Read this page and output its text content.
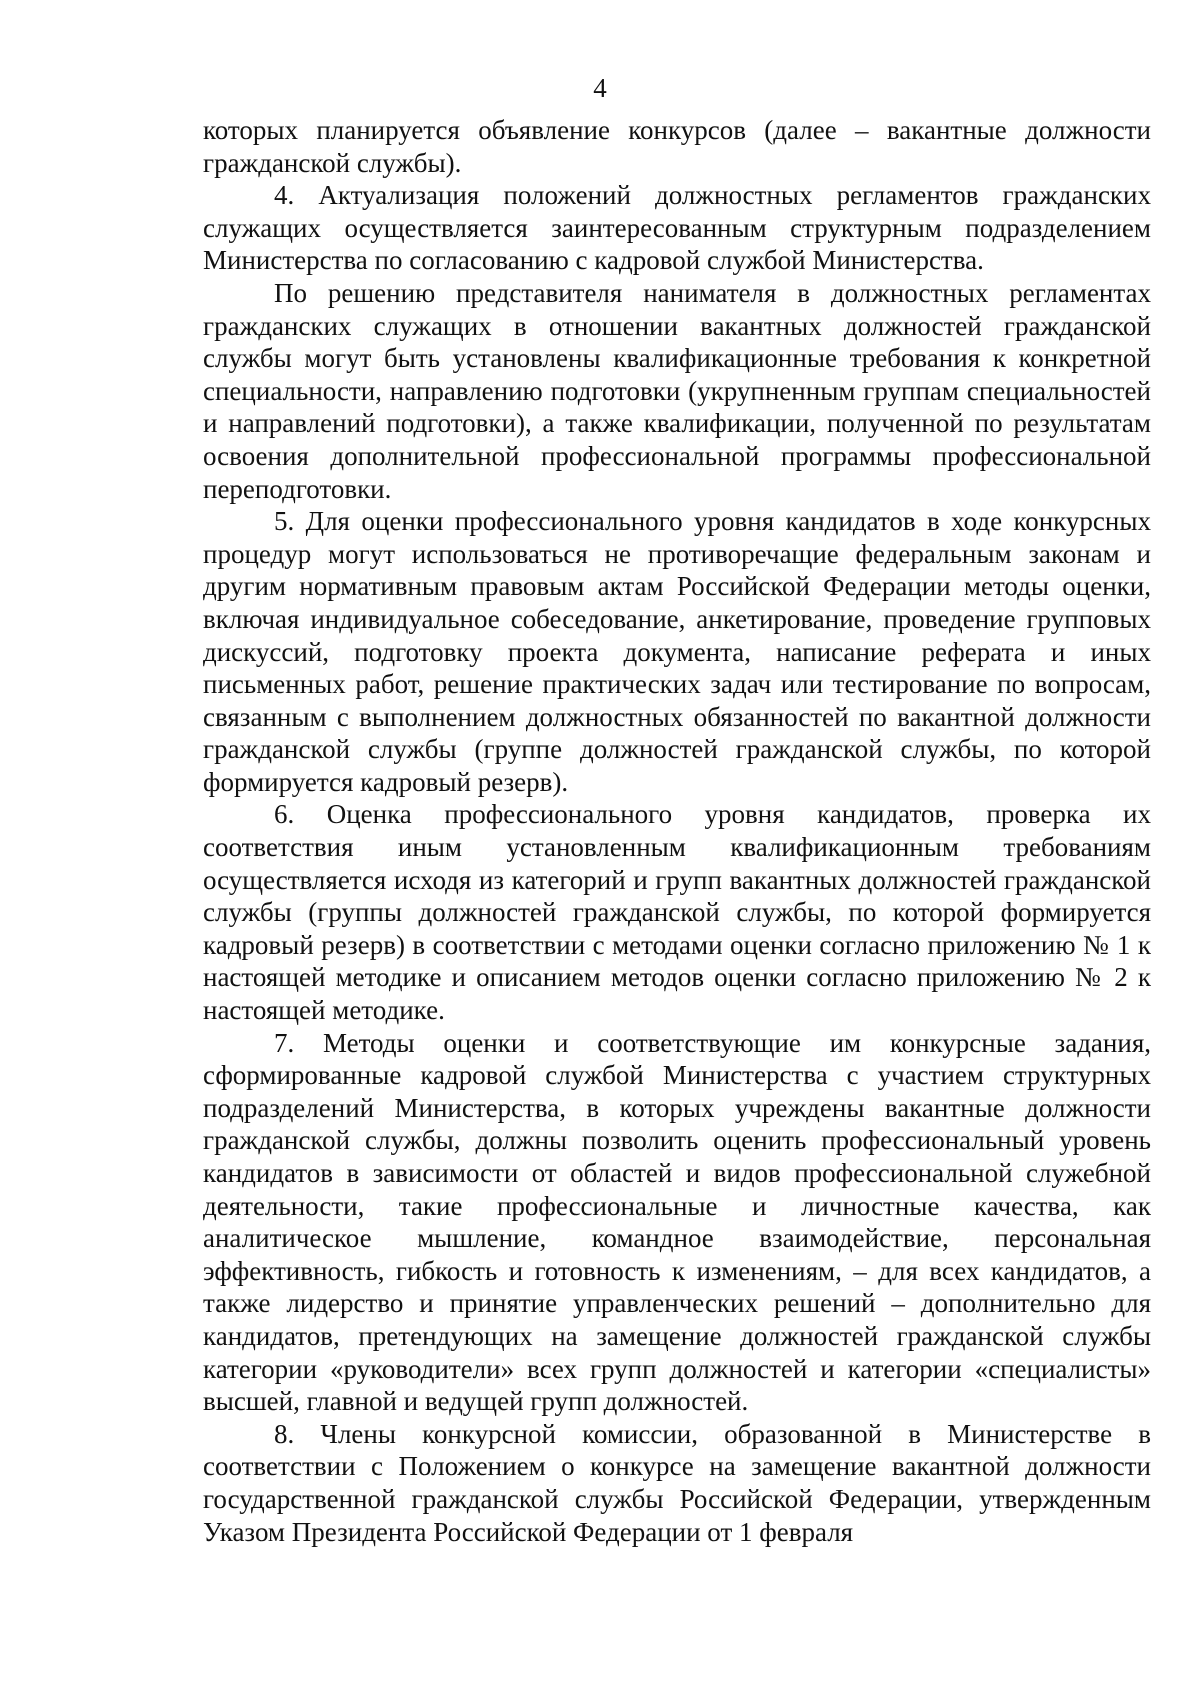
4

которых планируется объявление конкурсов (далее – вакантные должности гражданской службы).

4. Актуализация положений должностных регламентов гражданских служащих осуществляется заинтересованным структурным подразделением Министерства по согласованию с кадровой службой Министерства.

По решению представителя нанимателя в должностных регламентах гражданских служащих в отношении вакантных должностей гражданской службы могут быть установлены квалификационные требования к конкретной специальности, направлению подготовки (укрупненным группам специальностей и направлений подготовки), а также квалификации, полученной по результатам освоения дополнительной профессиональной программы профессиональной переподготовки.

5. Для оценки профессионального уровня кандидатов в ходе конкурсных процедур могут использоваться не противоречащие федеральным законам и другим нормативным правовым актам Российской Федерации методы оценки, включая индивидуальное собеседование, анкетирование, проведение групповых дискуссий, подготовку проекта документа, написание реферата и иных письменных работ, решение практических задач или тестирование по вопросам, связанным с выполнением должностных обязанностей по вакантной должности гражданской службы (группе должностей гражданской службы, по которой формируется кадровый резерв).

6. Оценка профессионального уровня кандидатов, проверка их соответствия иным установленным квалификационным требованиям осуществляется исходя из категорий и групп вакантных должностей гражданской службы (группы должностей гражданской службы, по которой формируется кадровый резерв) в соответствии с методами оценки согласно приложению № 1 к настоящей методике и описанием методов оценки согласно приложению № 2 к настоящей методике.

7. Методы оценки и соответствующие им конкурсные задания, сформированные кадровой службой Министерства с участием структурных подразделений Министерства, в которых учреждены вакантные должности гражданской службы, должны позволить оценить профессиональный уровень кандидатов в зависимости от областей и видов профессиональной служебной деятельности, такие профессиональные и личностные качества, как аналитическое мышление, командное взаимодействие, персональная эффективность, гибкость и готовность к изменениям, – для всех кандидатов, а также лидерство и принятие управленческих решений – дополнительно для кандидатов, претендующих на замещение должностей гражданской службы категории «руководители» всех групп должностей и категории «специалисты» высшей, главной и ведущей групп должностей.

8. Члены конкурсной комиссии, образованной в Министерстве в соответствии с Положением о конкурсе на замещение вакантной должности государственной гражданской службы Российской Федерации, утвержденным Указом Президента Российской Федерации от 1 февраля
